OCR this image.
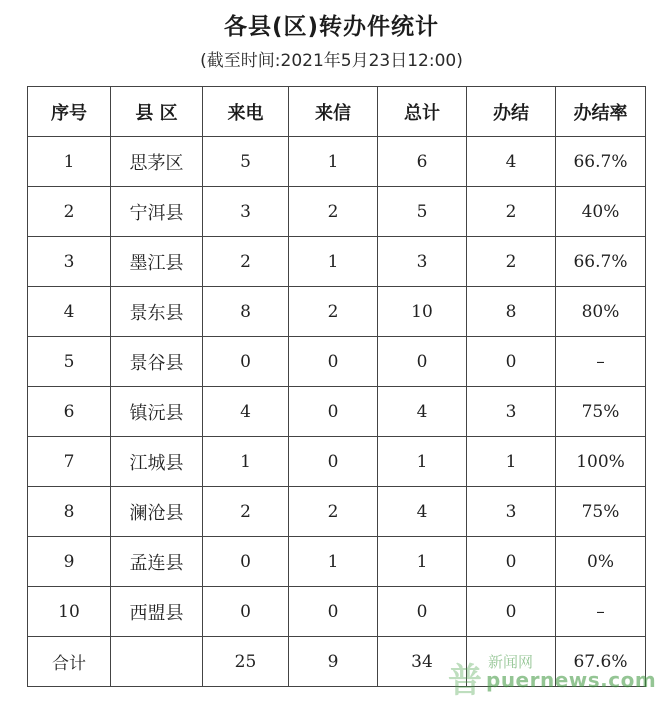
各县(区)转办件统计
(截至时间:2021年5月23日12:00)
序号	县 区	来电	来信	总计	办结	办结率
1	思茅区	5	1	6	4	66.7%
2	宁洱县	3	2	5	2	40%
3	墨江县	2	1	3	2	66.7%
4	景东县	8	2	10	8	80%
5	景谷县	0	0	0	0	–
6	镇沅县	4	0	4	3	75%
7	江城县	1	0	1	1	100%
8	澜沧县	2	2	4	3	75%
9	孟连县	0	1	1	0	0%
10	西盟县	0	0	0	0	–
合计		25	9	34		67.6%
普 新闻网
puernews.com
